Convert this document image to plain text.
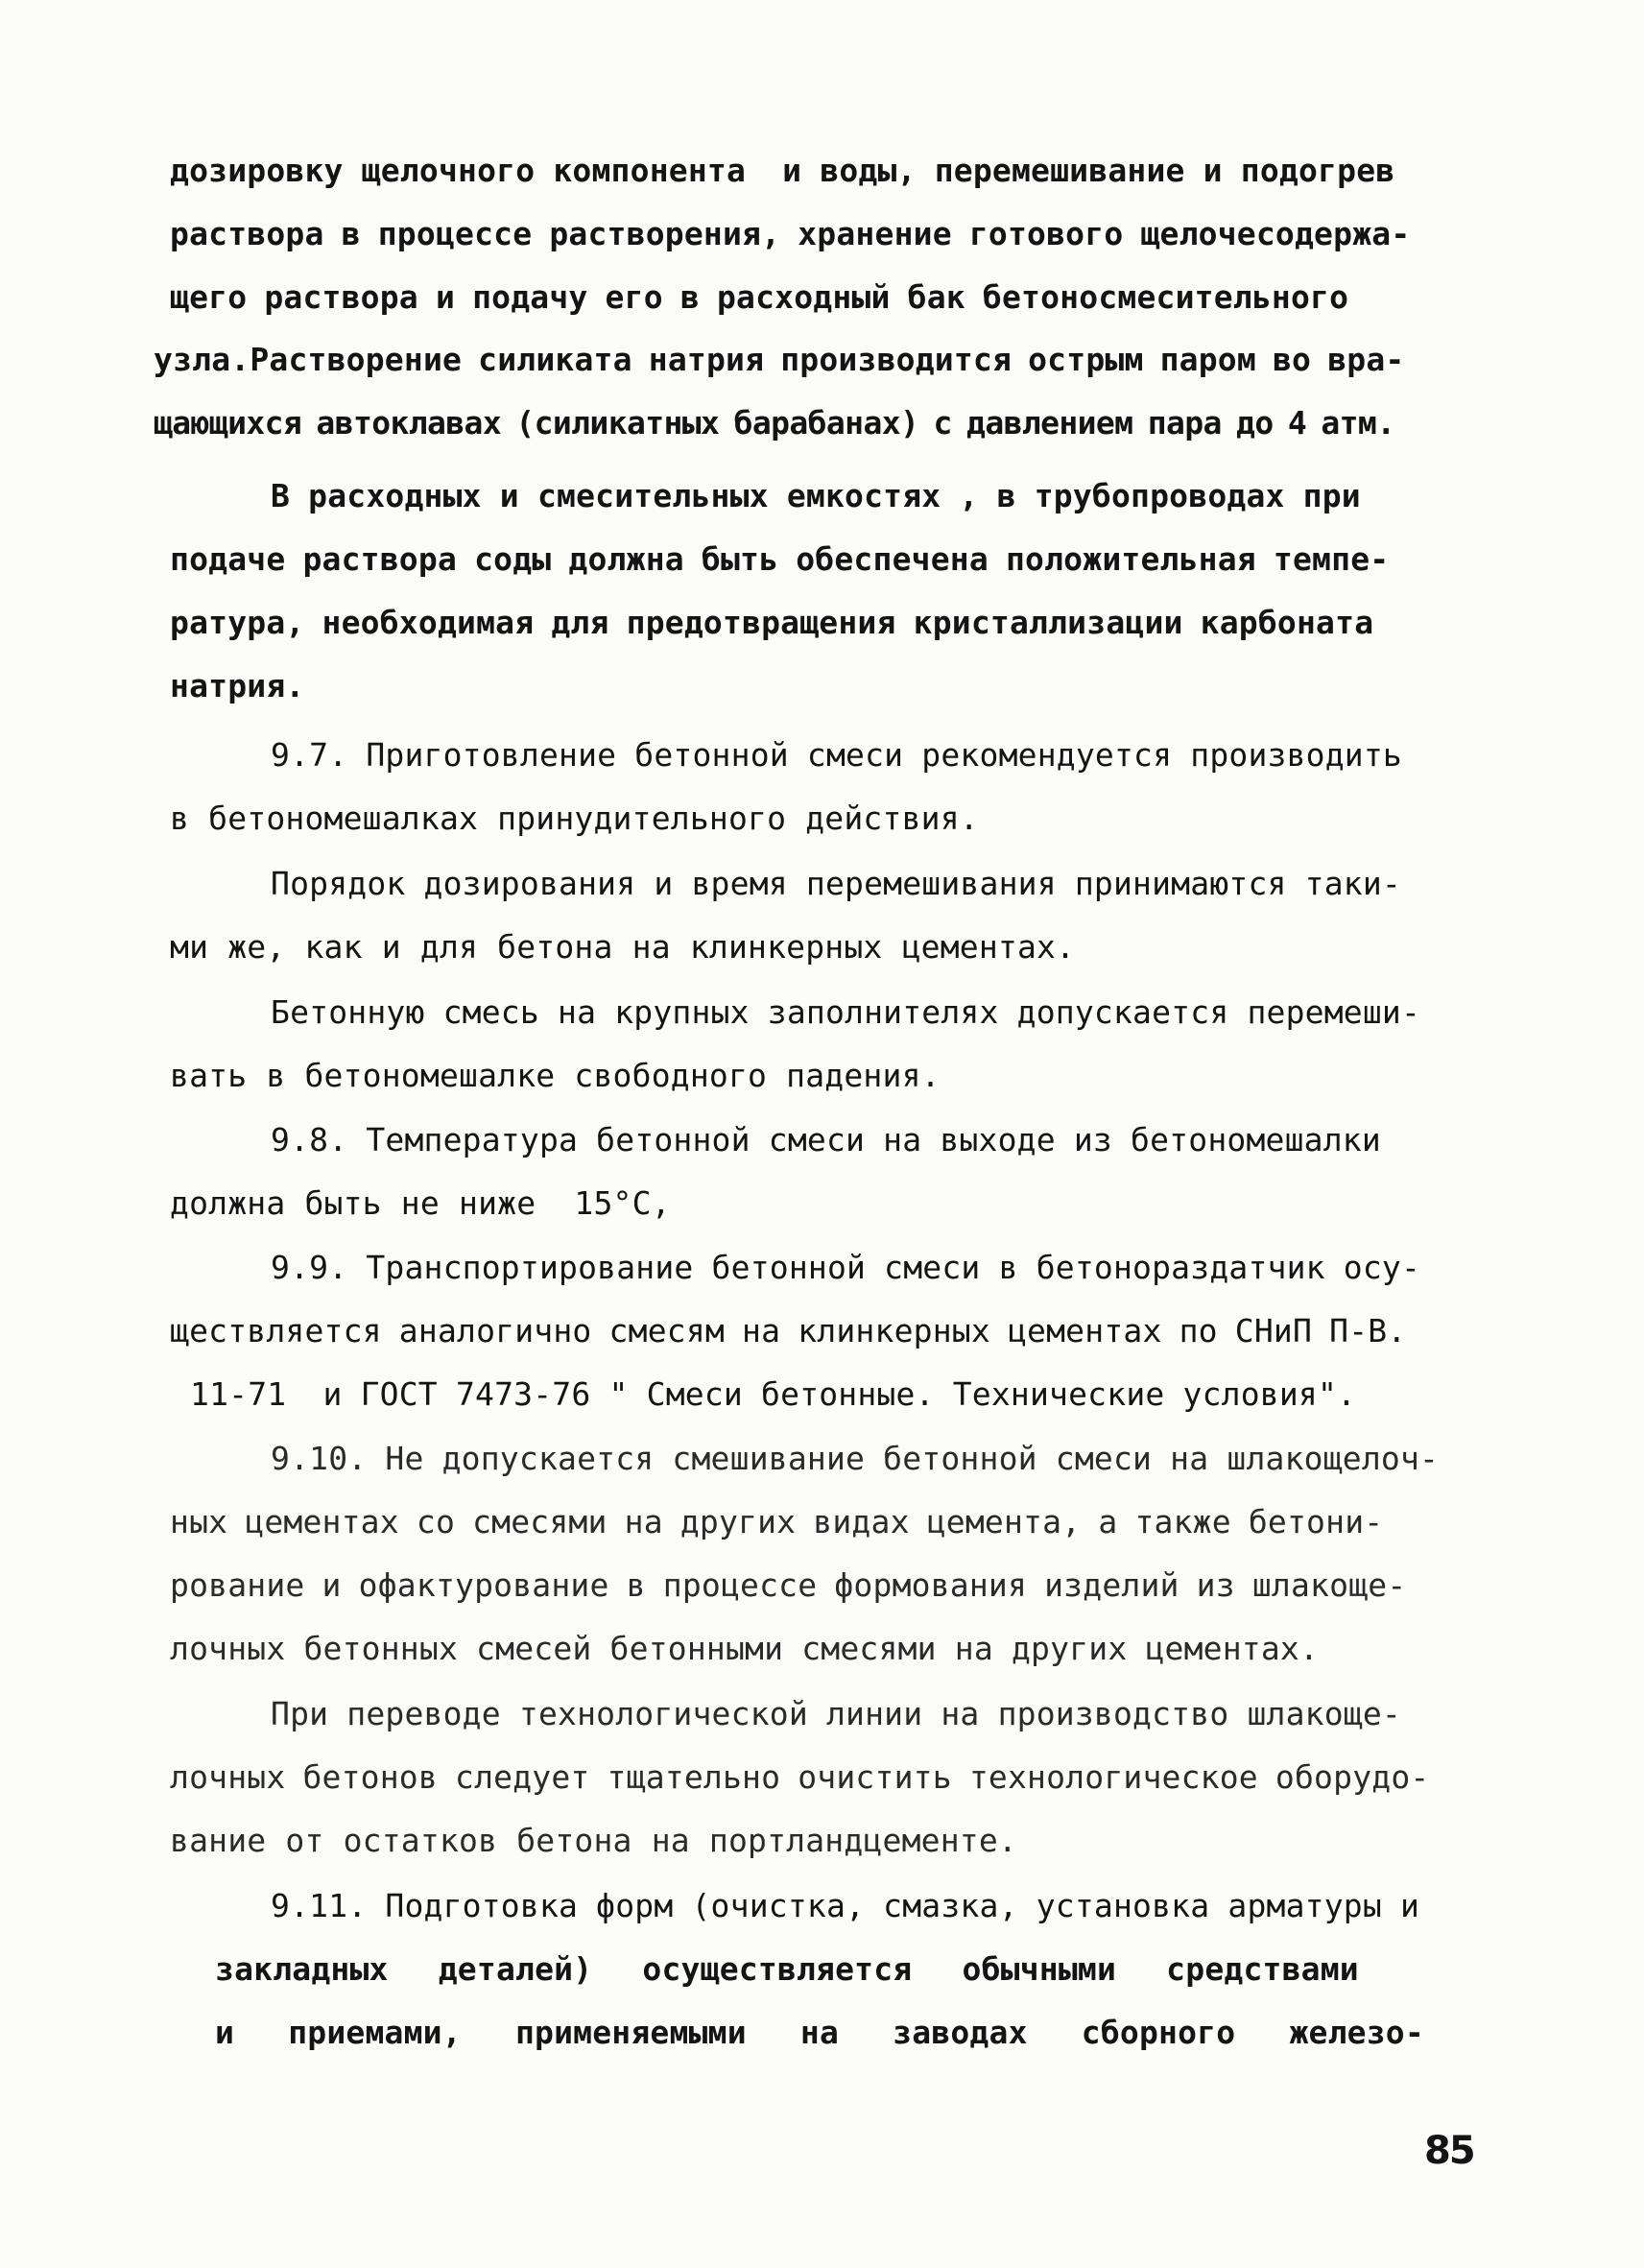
дозировку щелочного компонента  и воды, перемешивание и подогрев
раствора в процессе растворения, хранение готового щелочесодержа-
щего раствора и подачу его в расходный бак бетоносмесительного
узла.Растворение силиката натрия производится острым паром во вра-
щающихся автоклавах (силикатных барабанах) с давлением пара до 4 атм.
В расходных и смесительных емкостях , в трубопроводах при
подаче раствора соды должна быть обеспечена положительная темпе-
ратура, необходимая для предотвращения кристаллизации карбоната
натрия.
9.7. Приготовление бетонной смеси рекомендуется производить
в бетономешалках принудительного действия.
Порядок дозирования и время перемешивания принимаются таки-
ми же, как и для бетона на клинкерных цементах.
Бетонную смесь на крупных заполнителях допускается перемеши-
вать в бетономешалке свободного падения.
9.8. Температура бетонной смеси на выходе из бетономешалки
должна быть не ниже  15°С,
9.9. Транспортирование бетонной смеси в бетонораздатчик осу-
ществляется аналогично смесям на клинкерных цементах по СНиП П-В.
11-71  и ГОСТ 7473-76 " Смеси бетонные. Технические условия".
9.10. Не допускается смешивание бетонной смеси на шлакощелоч-
ных цементах со смесями на других видах цемента, а также бетони-
рование и офактурование в процессе формования изделий из шлакоще-
лочных бетонных смесей бетонными смесями на других цементах.
При переводе технологической линии на производство шлакоще-
лочных бетонов следует тщательно очистить технологическое оборудо-
вание от остатков бетона на портландцементе.
9.11. Подготовка форм (очистка, смазка, установка арматуры и
закладных  деталей)  осуществляется  обычными  средствами
и  приемами,  применяемыми  на  заводах  сборного  железо-
85
